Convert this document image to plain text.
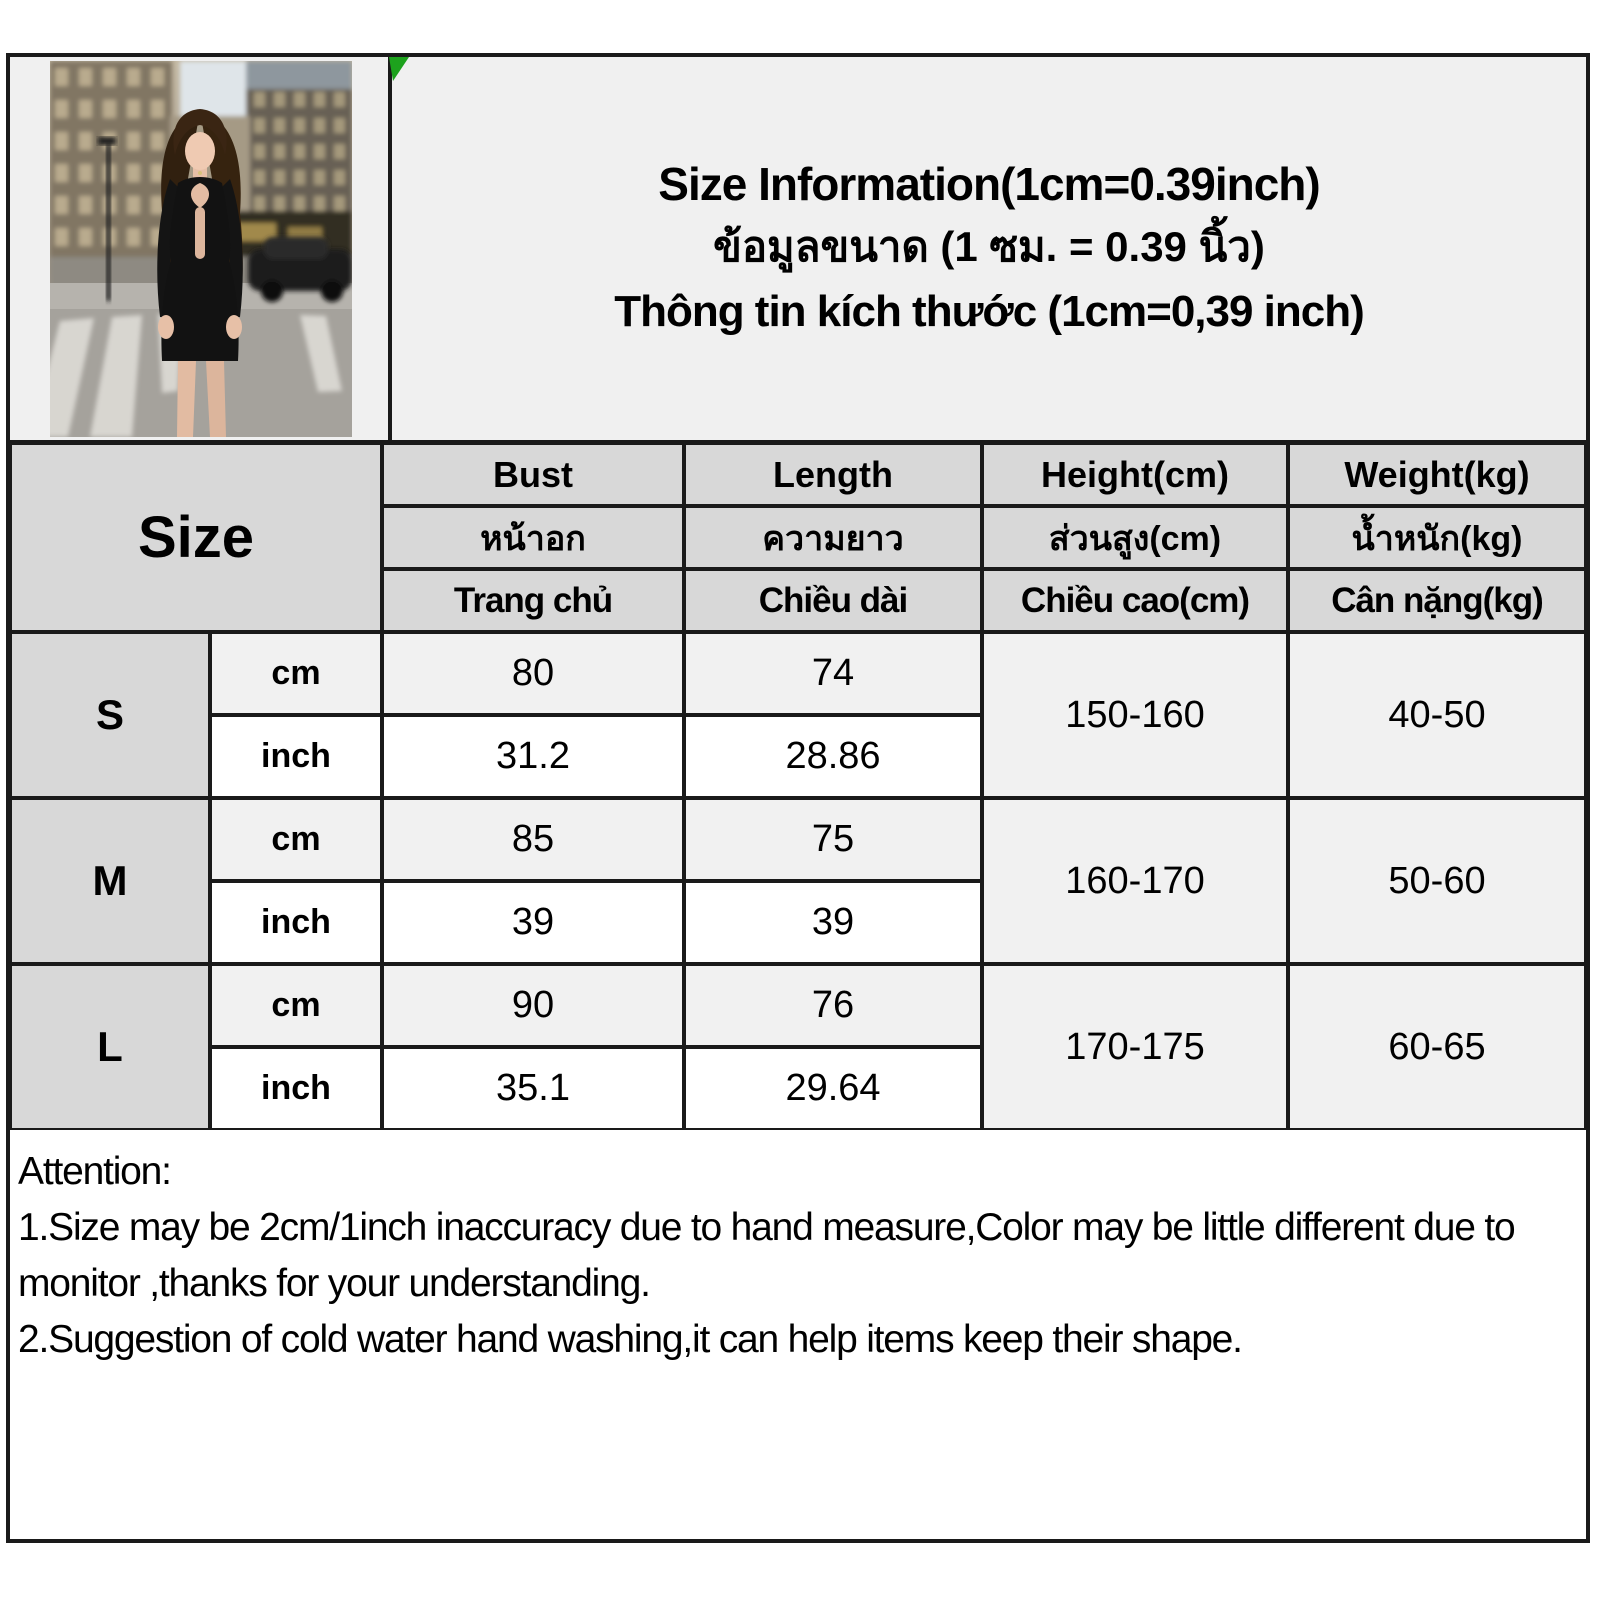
Size Information(1cm=0.39inch)
ข้อมูลขนาด (1 ซม. = 0.39 นิ้ว)
Thông tin kích thước (1cm=0,39 inch)
Size		Bust	Length	Height(cm)	Weight(kg)
		หน้าอก	ความยาว	ส่วนสูง(cm)	น้ำหนัก(kg)
		Trang chủ	Chiều dài	Chiều cao(cm)	Cân nặng(kg)
S	cm	80	74	150-160	40-50
	inch	31.2	28.86		
M	cm	85	75	160-170	50-60
	inch	39	39		
L	cm	90	76	170-175	60-65
	inch	35.1	29.64		

Attention:

1.Size may be 2cm/1inch inaccuracy due to hand measure,Color may be little different due to monitor ,thanks for your understanding.

2.Suggestion of cold water hand washing,it can help items keep their shape.
